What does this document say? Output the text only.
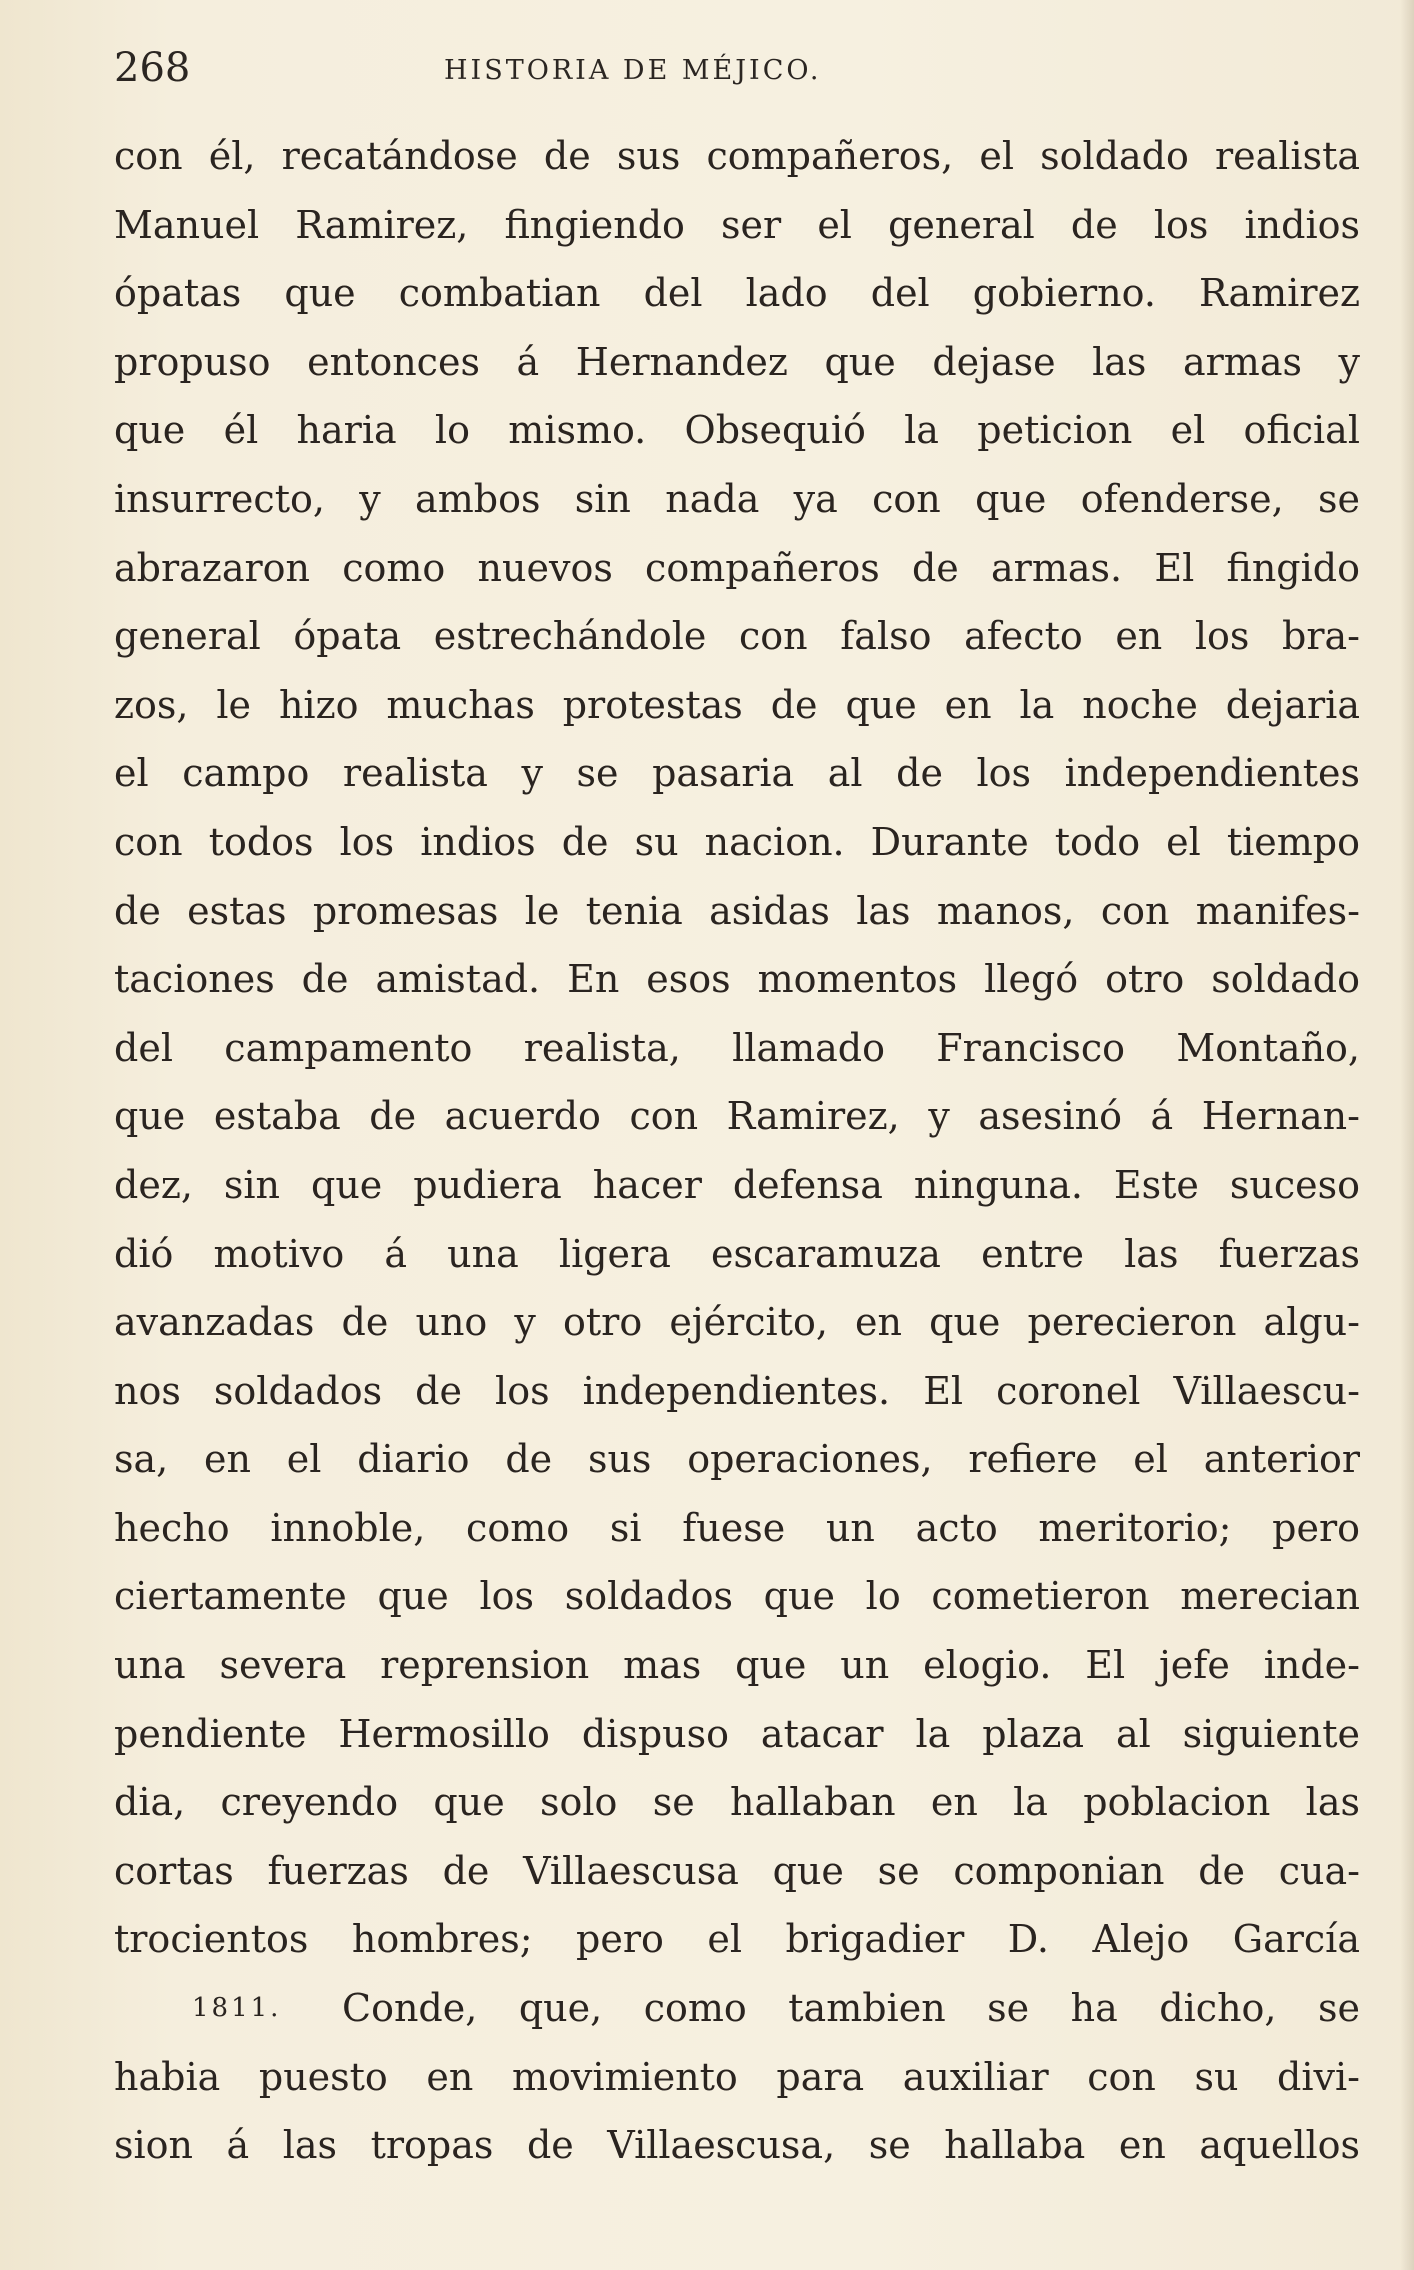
268	HISTORIA DE MÉJICO.
con él, recatándose de sus compañeros, el soldado realista
Manuel Ramirez, fingiendo ser el general de los indios
ópatas que combatian del lado del gobierno. Ramirez
propuso entonces á Hernandez que dejase las armas y
que él haria lo mismo. Obsequió la peticion el oficial
insurrecto, y ambos sin nada ya con que ofenderse, se
abrazaron como nuevos compañeros de armas. El fingido
general ópata estrechándole con falso afecto en los bra-
zos, le hizo muchas protestas de que en la noche dejaria
el campo realista y se pasaria al de los independientes
con todos los indios de su nacion. Durante todo el tiempo
de estas promesas le tenia asidas las manos, con manifes-
taciones de amistad. En esos momentos llegó otro soldado
del campamento realista, llamado Francisco Montaño,
que estaba de acuerdo con Ramirez, y asesinó á Hernan-
dez, sin que pudiera hacer defensa ninguna. Este suceso
dió motivo á una ligera escaramuza entre las fuerzas
avanzadas de uno y otro ejército, en que perecieron algu-
nos soldados de los independientes. El coronel Villaescu-
sa, en el diario de sus operaciones, refiere el anterior
hecho innoble, como si fuese un acto meritorio; pero
ciertamente que los soldados que lo cometieron merecian
una severa reprension mas que un elogio. El jefe inde-
pendiente Hermosillo dispuso atacar la plaza al siguiente
dia, creyendo que solo se hallaban en la poblacion las
cortas fuerzas de Villaescusa que se componian de cua-
trocientos hombres; pero el brigadier D. Alejo García
1811.	Conde, que, como tambien se ha dicho, se
habia puesto en movimiento para auxiliar con su divi-
sion á las tropas de Villaescusa, se hallaba en aquellos
